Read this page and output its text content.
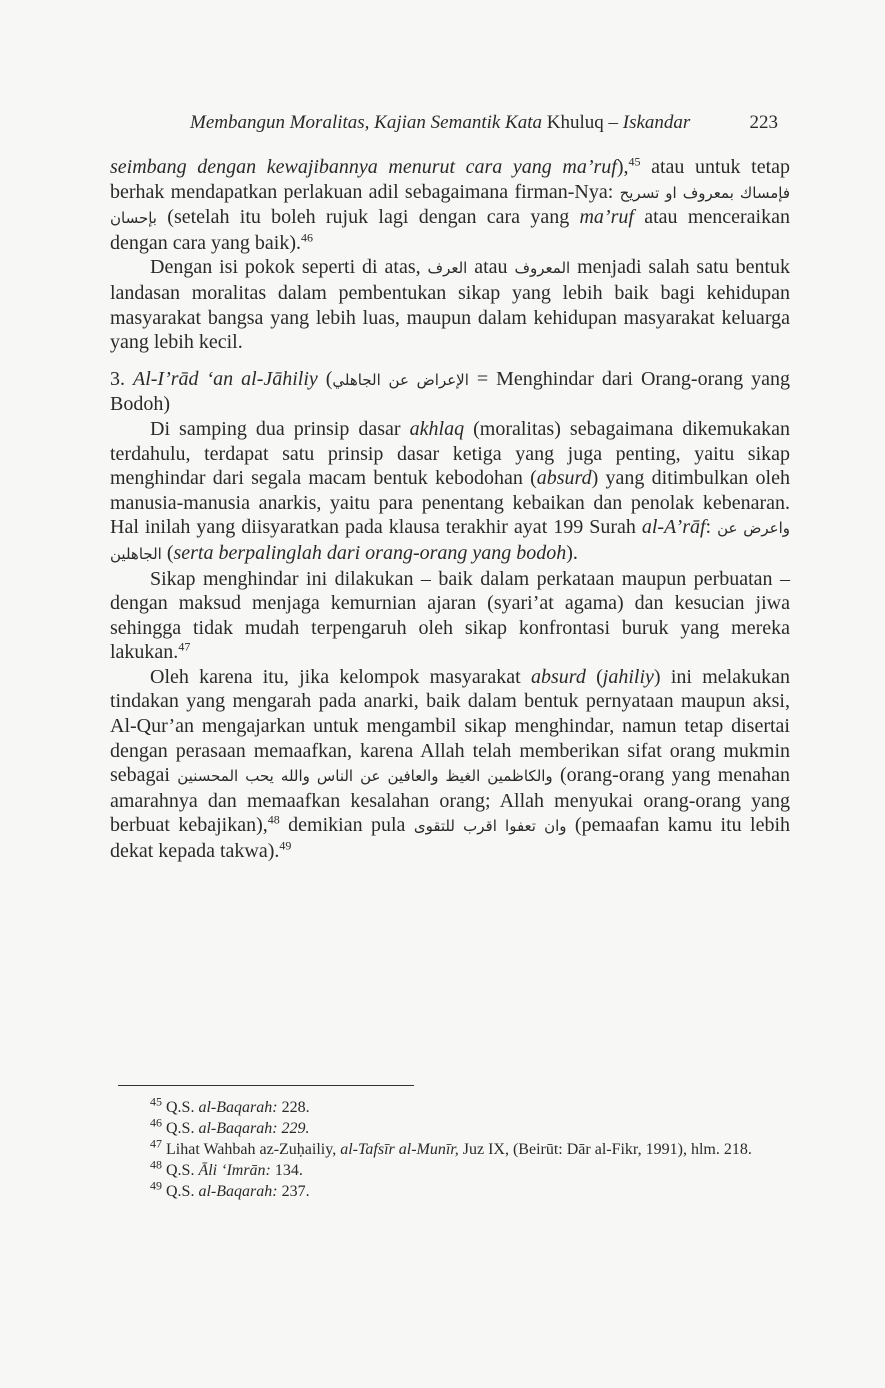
Membangun Moralitas, Kajian Semantik Kata Khuluq – Iskandar	223

seimbang dengan kewajibannya menurut cara yang ma’ruf),$^{45}$ atau untuk tetap berhak mendapatkan perlakuan adil sebagaimana firman-Nya: فإمساك بمعروف او تسريح بإحسان (setelah itu boleh rujuk lagi dengan cara yang ma’ruf atau menceraikan dengan cara yang baik).$^{46}$

Dengan isi pokok seperti di atas, العرف atau المعروف menjadi salah satu bentuk landasan moralitas dalam pembentukan sikap yang lebih baik bagi kehidupan masyarakat bangsa yang lebih luas, maupun dalam kehidupan masyarakat keluarga yang lebih kecil.

3. Al-I’rād ‘an al-Jāhiliy (الإعراض عن الجاهلي = Menghindar dari Orang-orang yang Bodoh)

Di samping dua prinsip dasar akhlaq (moralitas) sebagaimana dikemukakan terdahulu, terdapat satu prinsip dasar ketiga yang juga penting, yaitu sikap menghindar dari segala macam bentuk kebodohan (absurd) yang ditimbulkan oleh manusia-manusia anarkis, yaitu para penentang kebaikan dan penolak kebenaran. Hal inilah yang diisyaratkan pada klausa terakhir ayat 199 Surah al-A’rāf: واعرض عن الجاهلين (serta berpalinglah dari orang-orang yang bodoh).

Sikap menghindar ini dilakukan – baik dalam perkataan maupun perbuatan – dengan maksud menjaga kemurnian ajaran (syari’at agama) dan kesucian jiwa sehingga tidak mudah terpengaruh oleh sikap konfrontasi buruk yang mereka lakukan.$^{47}$

Oleh karena itu, jika kelompok masyarakat absurd (jahiliy) ini melakukan tindakan yang mengarah pada anarki, baik dalam bentuk pernyataan maupun aksi, Al-Qur’an mengajarkan untuk mengambil sikap menghindar, namun tetap disertai dengan perasaan memaafkan, karena Allah telah memberikan sifat orang mukmin sebagai والكاظمين الغيظ والعافين عن الناس والله يحب المحسنين (orang-orang yang menahan amarahnya dan memaafkan kesalahan orang; Allah menyukai orang-orang yang berbuat kebajikan),$^{48}$ demikian pula وان تعفوا اقرب للتقوى (pemaafan kamu itu lebih dekat kepada takwa).$^{49}$

$^{45}$ Q.S. al-Baqarah: 228.

$^{46}$ Q.S. al-Baqarah: 229.

$^{47}$ Lihat Wahbah az-Zuḥailiy, al-Tafsīr al-Munīr, Juz IX, (Beirūt: Dār al-Fikr, 1991), hlm. 218.

$^{48}$ Q.S. Āli ‘Imrān: 134.

$^{49}$ Q.S. al-Baqarah: 237.
